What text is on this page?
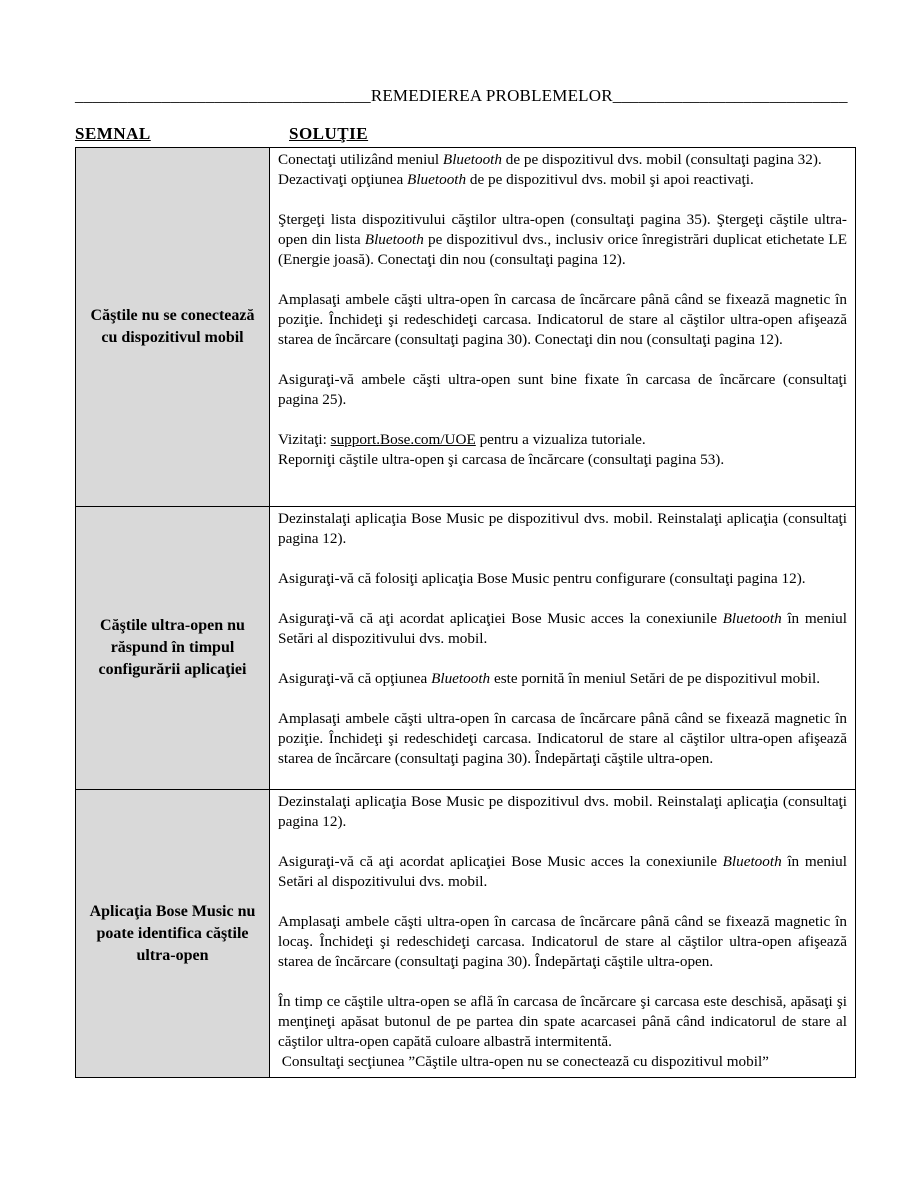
__________________________________REMEDIEREA PROBLEMELOR___________________________
SEMNAL	SOLUŢIE
Căştile nu se conectează cu dispozitivul mobil

Conectaţi utilizând meniul Bluetooth de pe dispozitivul dvs. mobil (consultaţi pagina 32).

Dezactivaţi opţiunea Bluetooth de pe dispozitivul dvs. mobil şi apoi reactivaţi.

Ştergeţi lista dispozitivului căştilor ultra-open (consultaţi pagina 35). Ştergeţi căştile ultra-open din lista Bluetooth pe dispozitivul dvs., inclusiv orice înregistrări duplicat etichetate LE (Energie joasă). Conectaţi din nou (consultaţi pagina 12).

Amplasaţi ambele căşti ultra-open în carcasa de încărcare până când se fixează magnetic în poziţie. Închideţi şi redeschideţi carcasa. Indicatorul de stare al căştilor ultra-open afişează starea de încărcare (consultaţi pagina 30). Conectaţi din nou (consultaţi pagina 12).

Asiguraţi-vă ambele căşti ultra-open sunt bine fixate în carcasa de încărcare (consultaţi pagina 25).

Vizitaţi: support.Bose.com/UOE pentru a vizualiza tutoriale.

Reporniţi căştile ultra-open şi carcasa de încărcare (consultaţi pagina 53).

Căştile ultra-open nu răspund în timpul configurării aplicaţiei

Dezinstalaţi aplicaţia Bose Music pe dispozitivul dvs. mobil. Reinstalaţi aplicaţia (consultaţi pagina 12).

Asiguraţi-vă că folosiţi aplicaţia Bose Music pentru configurare (consultaţi pagina 12).

Asiguraţi-vă că aţi acordat aplicaţiei Bose Music acces la conexiunile Bluetooth în meniul Setări al dispozitivului dvs. mobil.

Asiguraţi-vă că opţiunea Bluetooth este pornită în meniul Setări de pe dispozitivul mobil.

Amplasaţi ambele căşti ultra-open în carcasa de încărcare până când se fixează magnetic în poziţie. Închideţi şi redeschideţi carcasa. Indicatorul de stare al căştilor ultra-open afişează starea de încărcare (consultaţi pagina 30). Îndepărtaţi căştile ultra-open.

Aplicaţia Bose Music nu poate identifica căştile ultra-open

Dezinstalaţi aplicaţia Bose Music pe dispozitivul dvs. mobil. Reinstalaţi aplicaţia (consultaţi pagina 12).

Asiguraţi-vă că aţi acordat aplicaţiei Bose Music acces la conexiunile Bluetooth în meniul Setări al dispozitivului dvs. mobil.

Amplasaţi ambele căşti ultra-open în carcasa de încărcare până când se fixează magnetic în locaş. Închideţi şi redeschideţi carcasa. Indicatorul de stare al căştilor ultra-open afişează starea de încărcare (consultaţi pagina 30). Îndepărtaţi căştile ultra-open.

În timp ce căştile ultra-open se află în carcasa de încărcare şi carcasa este deschisă, apăsaţi şi menţineţi apăsat butonul de pe partea din spate acarcasei până când indicatorul de stare al căştilor ultra-open capătă culoare albastră intermitentă.

Consultaţi secţiunea ”Căştile ultra-open nu se conectează cu dispozitivul mobil”
